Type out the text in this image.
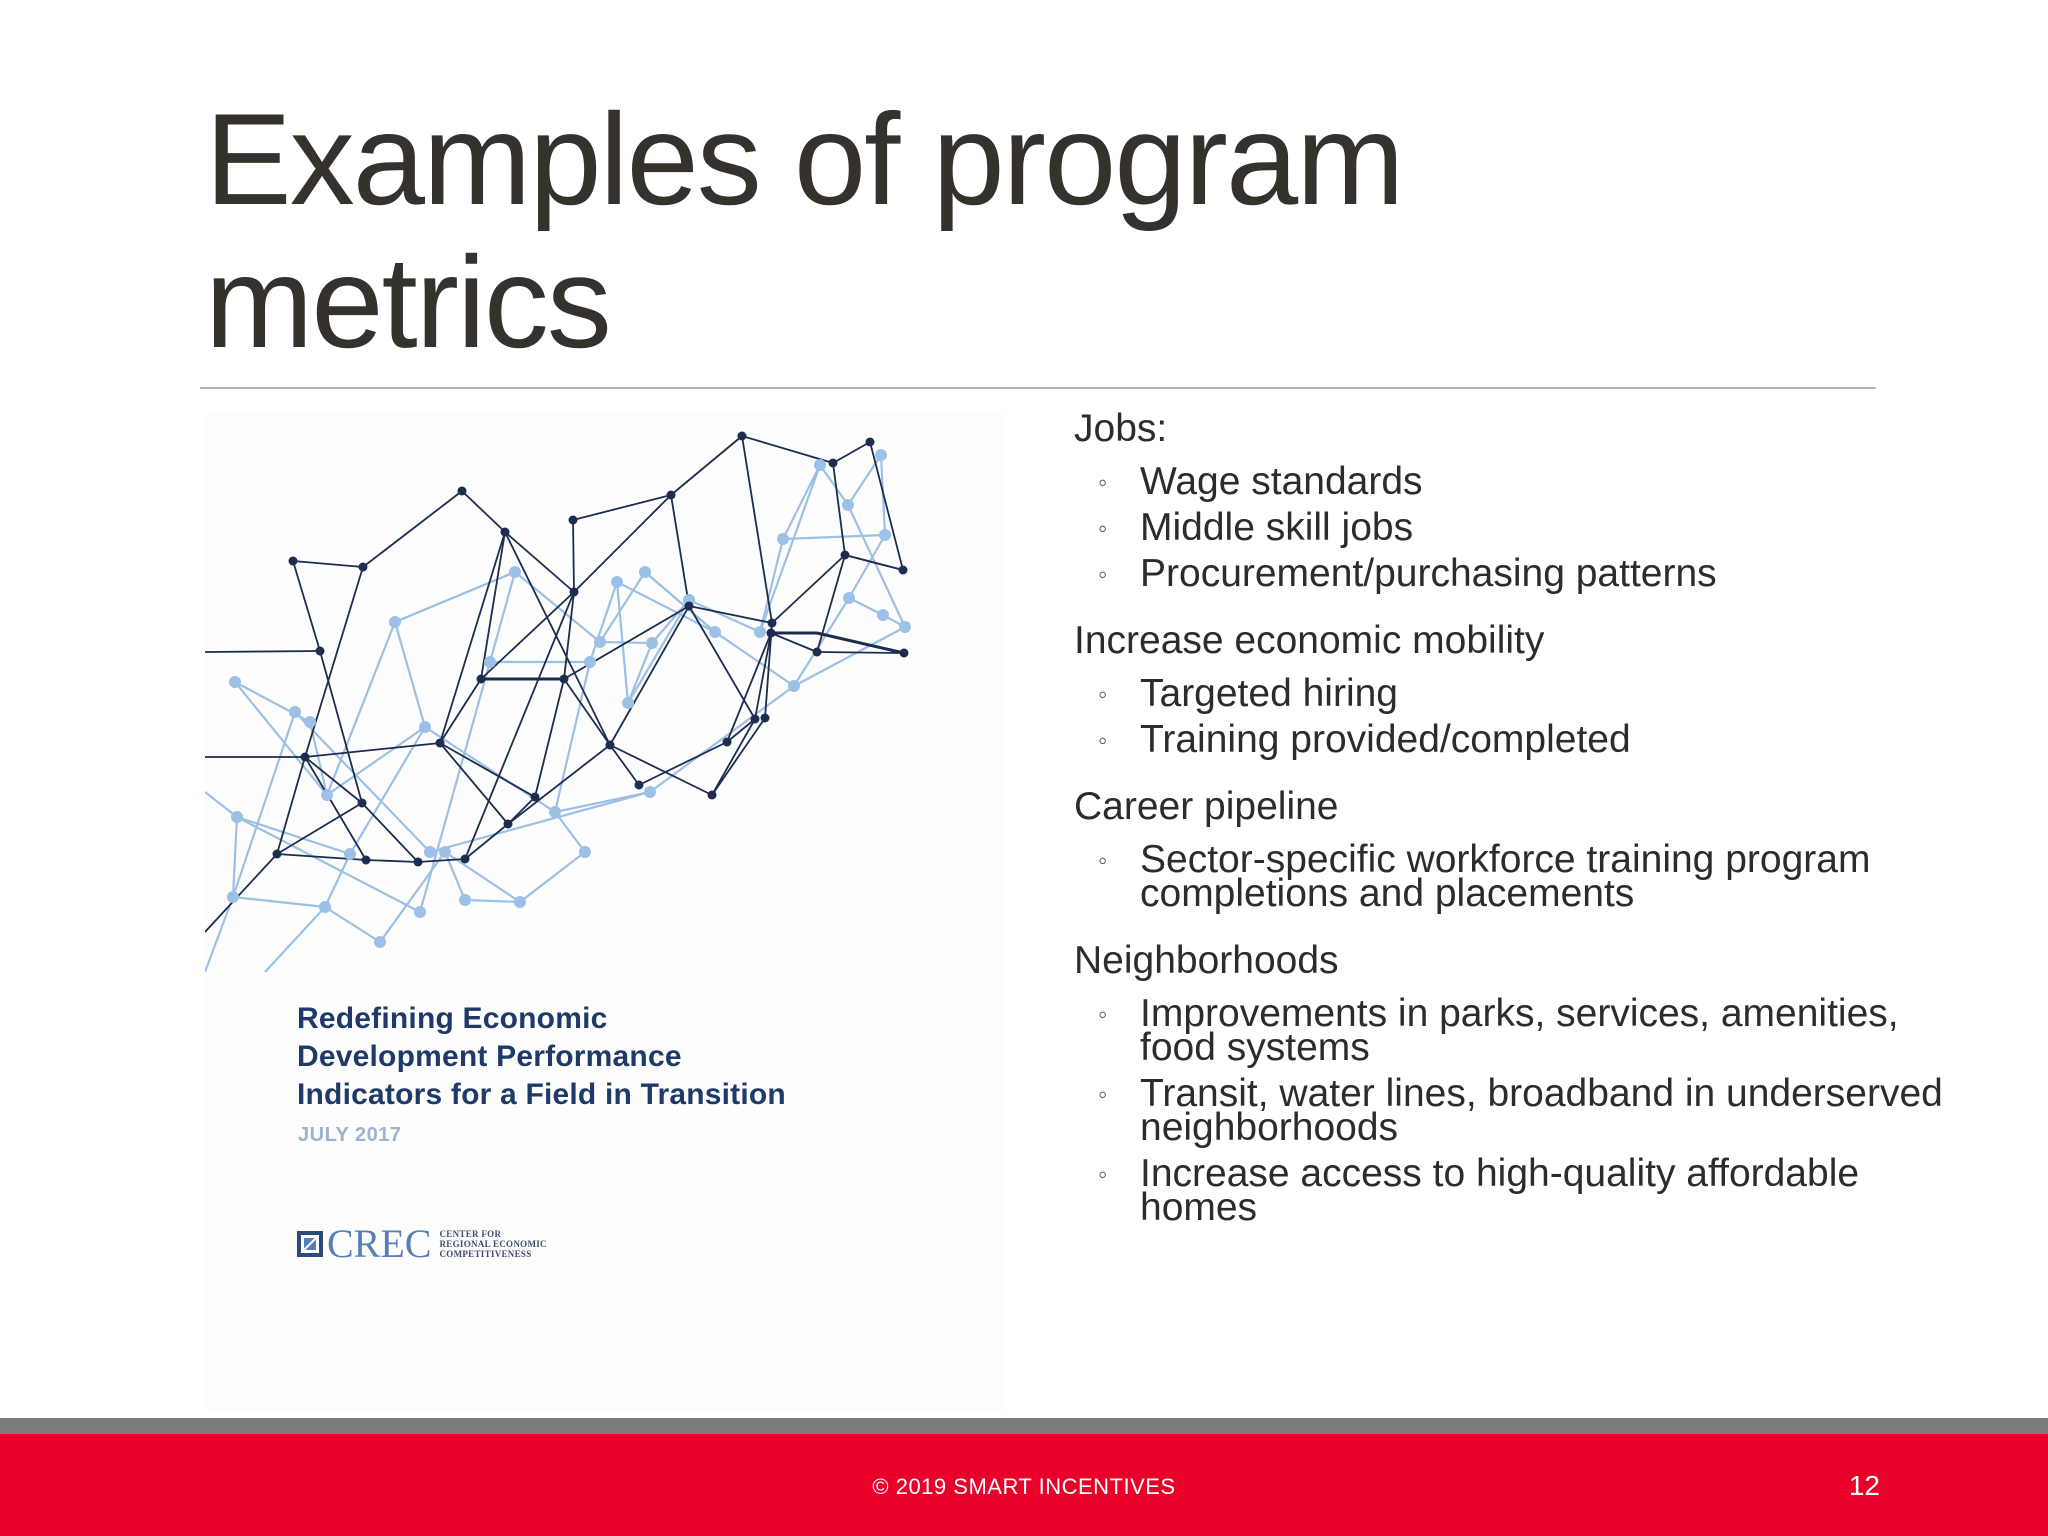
Examples of program
metrics
Redefining Economic
Development Performance
Indicators for a Field in Transition
JULY 2017
CREC CENTER FOR
REGIONAL ECONOMIC
COMPETITIVENESS
Jobs:
◦ Wage standards
◦ Middle skill jobs
◦ Procurement/purchasing patterns
Increase economic mobility
◦ Targeted hiring
◦ Training provided/completed
Career pipeline
◦ Sector-specific workforce training program completions and placements
Neighborhoods
◦ Improvements in parks, services, amenities, food systems
◦ Transit, water lines, broadband in underserved neighborhoods
◦ Increase access to high-quality affordable homes
© 2019 SMART INCENTIVES	12
